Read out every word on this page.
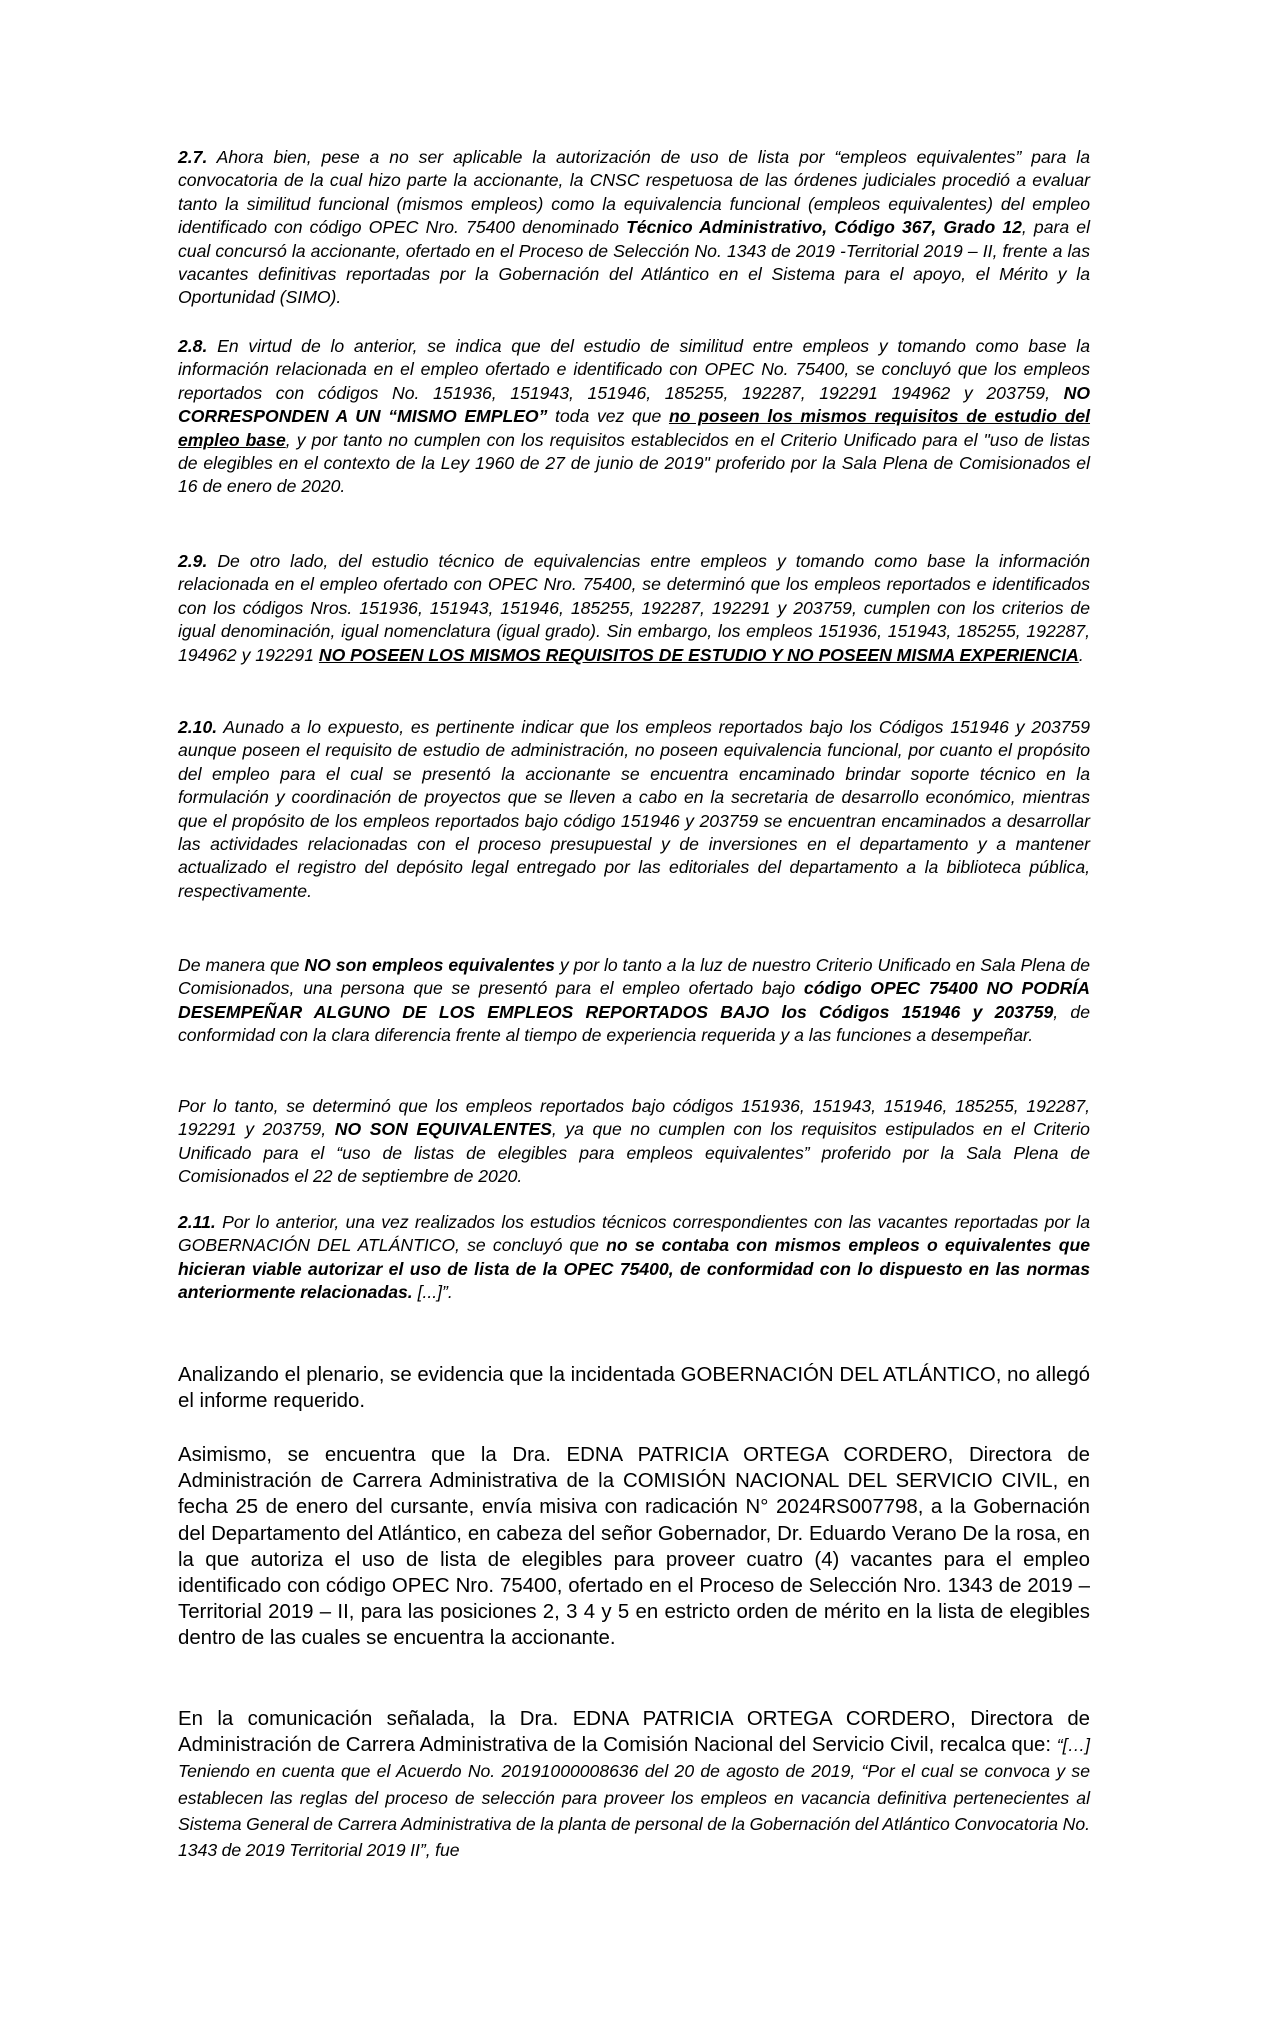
2.7. Ahora bien, pese a no ser aplicable la autorización de uso de lista por “empleos equivalentes” para la convocatoria de la cual hizo parte la accionante, la CNSC respetuosa de las órdenes judiciales procedió a evaluar tanto la similitud funcional (mismos empleos) como la equivalencia funcional (empleos equivalentes) del empleo identificado con código OPEC Nro. 75400 denominado Técnico Administrativo, Código 367, Grado 12, para el cual concursó la accionante, ofertado en el Proceso de Selección No. 1343 de 2019 -Territorial 2019 – II, frente a las vacantes definitivas reportadas por la Gobernación del Atlántico en el Sistema para el apoyo, el Mérito y la Oportunidad (SIMO).

2.8. En virtud de lo anterior, se indica que del estudio de similitud entre empleos y tomando como base la información relacionada en el empleo ofertado e identificado con OPEC No. 75400, se concluyó que los empleos reportados con códigos No. 151936, 151943, 151946, 185255, 192287, 192291 194962 y 203759, NO CORRESPONDEN A UN “MISMO EMPLEO” toda vez que no poseen los mismos requisitos de estudio del empleo base, y por tanto no cumplen con los requisitos establecidos en el Criterio Unificado para el "uso de listas de elegibles en el contexto de la Ley 1960 de 27 de junio de 2019" proferido por la Sala Plena de Comisionados el 16 de enero de 2020.

2.9. De otro lado, del estudio técnico de equivalencias entre empleos y tomando como base la información relacionada en el empleo ofertado con OPEC Nro. 75400, se determinó que los empleos reportados e identificados con los códigos Nros. 151936, 151943, 151946, 185255, 192287, 192291 y 203759, cumplen con los criterios de igual denominación, igual nomenclatura (igual grado). Sin embargo, los empleos 151936, 151943, 185255, 192287, 194962 y 192291 NO POSEEN LOS MISMOS REQUISITOS DE ESTUDIO Y NO POSEEN MISMA EXPERIENCIA.

2.10. Aunado a lo expuesto, es pertinente indicar que los empleos reportados bajo los Códigos 151946 y 203759 aunque poseen el requisito de estudio de administración, no poseen equivalencia funcional, por cuanto el propósito del empleo para el cual se presentó la accionante se encuentra encaminado brindar soporte técnico en la formulación y coordinación de proyectos que se lleven a cabo en la secretaria de desarrollo económico, mientras que el propósito de los empleos reportados bajo código 151946 y 203759 se encuentran encaminados a desarrollar las actividades relacionadas con el proceso presupuestal y de inversiones en el departamento y a mantener actualizado el registro del depósito legal entregado por las editoriales del departamento a la biblioteca pública, respectivamente.

De manera que NO son empleos equivalentes y por lo tanto a la luz de nuestro Criterio Unificado en Sala Plena de Comisionados, una persona que se presentó para el empleo ofertado bajo código OPEC 75400 NO PODRÍA DESEMPEÑAR ALGUNO DE LOS EMPLEOS REPORTADOS BAJO los Códigos 151946 y 203759, de conformidad con la clara diferencia frente al tiempo de experiencia requerida y a las funciones a desempeñar.

Por lo tanto, se determinó que los empleos reportados bajo códigos 151936, 151943, 151946, 185255, 192287, 192291 y 203759, NO SON EQUIVALENTES, ya que no cumplen con los requisitos estipulados en el Criterio Unificado para el “uso de listas de elegibles para empleos equivalentes” proferido por la Sala Plena de Comisionados el 22 de septiembre de 2020.

2.11. Por lo anterior, una vez realizados los estudios técnicos correspondientes con las vacantes reportadas por la GOBERNACIÓN DEL ATLÁNTICO, se concluyó que no se contaba con mismos empleos o equivalentes que hicieran viable autorizar el uso de lista de la OPEC 75400, de conformidad con lo dispuesto en las normas anteriormente relacionadas. [...]”.

Analizando el plenario, se evidencia que la incidentada GOBERNACIÓN DEL ATLÁNTICO, no allegó el informe requerido.

Asimismo, se encuentra que la Dra. EDNA PATRICIA ORTEGA CORDERO, Directora de Administración de Carrera Administrativa de la COMISIÓN NACIONAL DEL SERVICIO CIVIL, en fecha 25 de enero del cursante, envía misiva con radicación N° 2024RS007798, a la Gobernación del Departamento del Atlántico, en cabeza del señor Gobernador, Dr. Eduardo Verano De la rosa, en la que autoriza el uso de lista de elegibles para proveer cuatro (4) vacantes para el empleo identificado con código OPEC Nro. 75400, ofertado en el Proceso de Selección Nro. 1343 de 2019 – Territorial 2019 – II, para las posiciones 2, 3 4 y 5 en estricto orden de mérito en la lista de elegibles dentro de las cuales se encuentra la accionante.

En la comunicación señalada, la Dra. EDNA PATRICIA ORTEGA CORDERO, Directora de Administración de Carrera Administrativa de la Comisión Nacional del Servicio Civil, recalca que: “[…] Teniendo en cuenta que el Acuerdo No. 20191000008636 del 20 de agosto de 2019, “Por el cual se convoca y se establecen las reglas del proceso de selección para proveer los empleos en vacancia definitiva pertenecientes al Sistema General de Carrera Administrativa de la planta de personal de la Gobernación del Atlántico Convocatoria No. 1343 de 2019 Territorial 2019 II”, fue
